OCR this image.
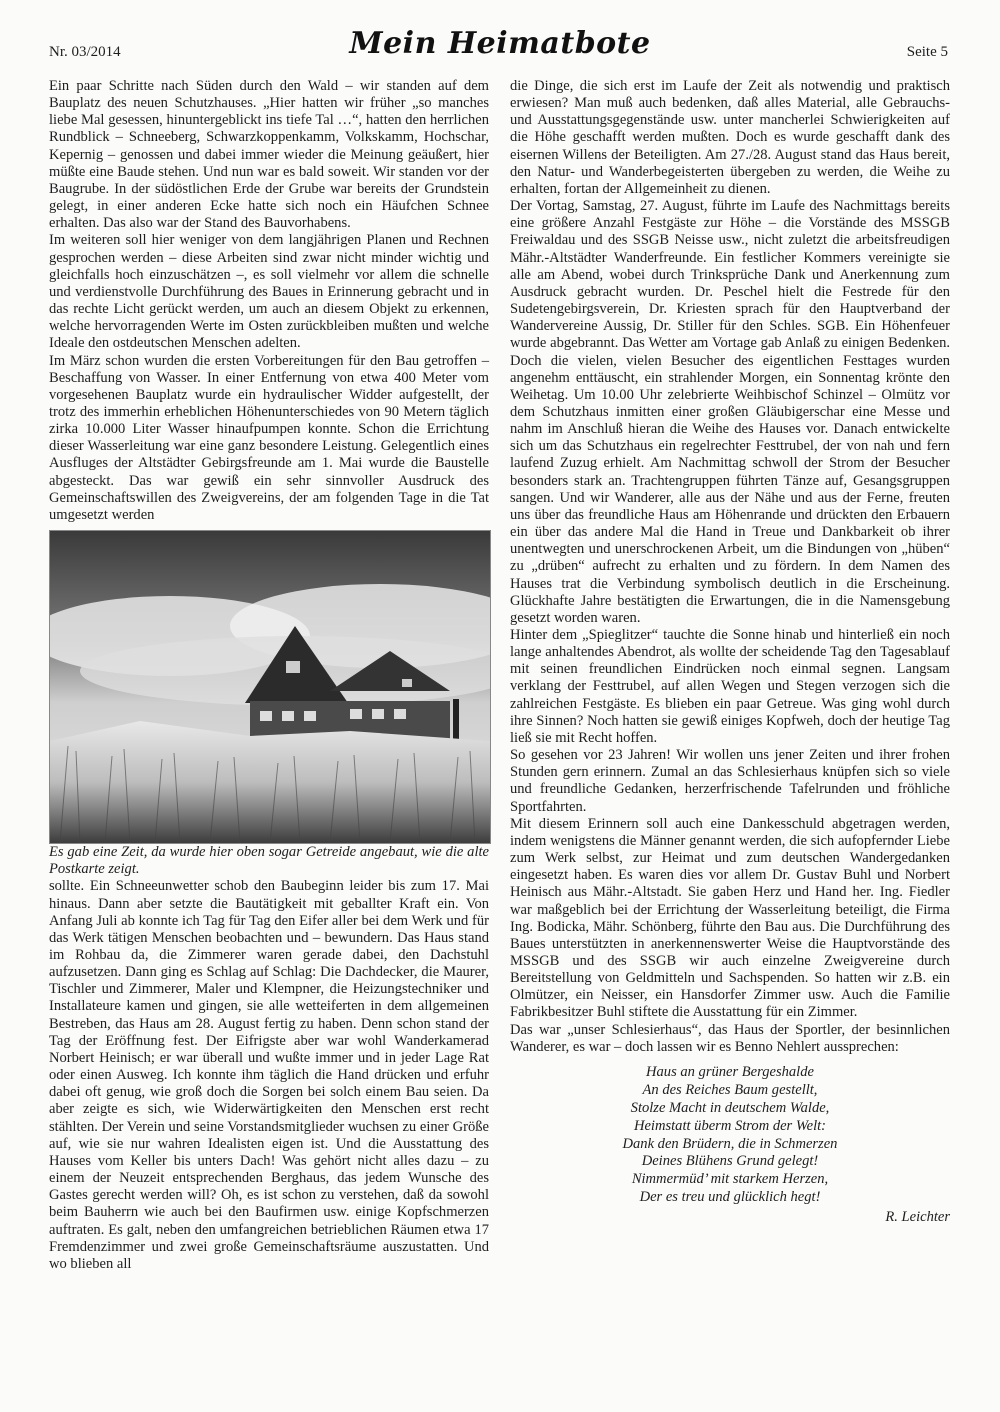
Nr. 03/2014	Mein Heimatbote	Seite 5

Ein paar Schritte nach Süden durch den Wald – wir standen auf dem Bauplatz des neuen Schutzhauses. „Hier hatten wir früher „so manches liebe Mal gesessen, hinuntergeblickt ins tiefe Tal …“, hatten den herrlichen Rundblick – Schneeberg, Schwarzkoppenkamm, Volkskamm, Hochschar, Kepernig – genossen und dabei immer wieder die Meinung geäußert, hier müßte eine Baude stehen. Und nun war es bald soweit. Wir standen vor der Baugrube. In der südöstlichen Erde der Grube war bereits der Grundstein gelegt, in einer anderen Ecke hatte sich noch ein Häufchen Schnee erhalten. Das also war der Stand des Bauvorhabens.

Im weiteren soll hier weniger von dem langjährigen Planen und Rechnen gesprochen werden – diese Arbeiten sind zwar nicht minder wichtig und gleichfalls hoch einzuschätzen –, es soll vielmehr vor allem die schnelle und verdienstvolle Durchführung des Baues in Erinnerung gebracht und in das rechte Licht gerückt werden, um auch an diesem Objekt zu erkennen, welche hervorragenden Werte im Osten zurückbleiben mußten und welche Ideale den ostdeutschen Menschen adelten.

Im März schon wurden die ersten Vorbereitungen für den Bau getroffen – Beschaffung von Wasser. In einer Entfernung von etwa 400 Meter vom vorgesehenen Bauplatz wurde ein hydraulischer Widder aufgestellt, der trotz des immerhin erheblichen Höhenunterschiedes von 90 Metern täglich zirka 10.000 Liter Wasser hinaufpumpen konnte. Schon die Errichtung dieser Wasserleitung war eine ganz besondere Leistung. Gelegentlich eines Ausfluges der Altstädter Gebirgsfreunde am 1. Mai wurde die Baustelle abgesteckt. Das war gewiß ein sehr sinnvoller Ausdruck des Gemeinschaftswillen des Zweigvereins, der am folgenden Tage in die Tat umgesetzt werden

Es gab eine Zeit, da wurde hier oben sogar Getreide angebaut, wie die alte Postkarte zeigt.

sollte. Ein Schneeunwetter schob den Baubeginn leider bis zum 17. Mai hinaus. Dann aber setzte die Bautätigkeit mit geballter Kraft ein. Von Anfang Juli ab konnte ich Tag für Tag den Eifer aller bei dem Werk und für das Werk tätigen Menschen beobachten und – bewundern. Das Haus stand im Rohbau da, die Zimmerer waren gerade dabei, den Dachstuhl aufzusetzen. Dann ging es Schlag auf Schlag: Die Dachdecker, die Maurer, Tischler und Zimmerer, Maler und Klempner, die Heizungstechniker und Installateure kamen und gingen, sie alle wetteiferten in dem allgemeinen Bestreben, das Haus am 28. August fertig zu haben. Denn schon stand der Tag der Eröffnung fest. Der Eifrigste aber war wohl Wanderkamerad Norbert Heinisch; er war überall und wußte immer und in jeder Lage Rat oder einen Ausweg. Ich konnte ihm täglich die Hand drücken und erfuhr dabei oft genug, wie groß doch die Sorgen bei solch einem Bau seien. Da aber zeigte es sich, wie Widerwärtigkeiten den Menschen erst recht stählten. Der Verein und seine Vorstandsmitglieder wuchsen zu einer Größe auf, wie sie nur wahren Idealisten eigen ist. Und die Ausstattung des Hauses vom Keller bis unters Dach! Was gehört nicht alles dazu – zu einem der Neuzeit entsprechenden Berghaus, das jedem Wunsche des Gastes gerecht werden will? Oh, es ist schon zu verstehen, daß da sowohl beim Bauherrn wie auch bei den Baufirmen usw. einige Kopfschmerzen auftraten. Es galt, neben den umfangreichen betrieblichen Räumen etwa 17 Fremdenzimmer und zwei große Gemeinschaftsräume auszustatten. Und wo blieben all

die Dinge, die sich erst im Laufe der Zeit als notwendig und praktisch erwiesen? Man muß auch bedenken, daß alles Material, alle Gebrauchs- und Ausstattungsgegenstände usw. unter mancherlei Schwierigkeiten auf die Höhe geschafft werden mußten. Doch es wurde geschafft dank des eisernen Willens der Beteiligten. Am 27./28. August stand das Haus bereit, den Natur- und Wanderbegeisterten übergeben zu werden, die Weihe zu erhalten, fortan der Allgemeinheit zu dienen.

Der Vortag, Samstag, 27. August, führte im Laufe des Nachmittags bereits eine größere Anzahl Festgäste zur Höhe – die Vorstände des MSSGB Freiwaldau und des SSGB Neisse usw., nicht zuletzt die arbeitsfreudigen Mähr.-Altstädter Wanderfreunde. Ein festlicher Kommers vereinigte sie alle am Abend, wobei durch Trinksprüche Dank und Anerkennung zum Ausdruck gebracht wurden. Dr. Peschel hielt die Festrede für den Sudetengebirgsverein, Dr. Kriesten sprach für den Hauptverband der Wandervereine Aussig, Dr. Stiller für den Schles. SGB. Ein Höhenfeuer wurde abgebrannt. Das Wetter am Vortage gab Anlaß zu einigen Bedenken. Doch die vielen, vielen Besucher des eigentlichen Festtages wurden angenehm enttäuscht, ein strahlender Morgen, ein Sonnentag krönte den Weihetag. Um 10.00 Uhr zelebrierte Weihbischof Schinzel – Olmütz vor dem Schutzhaus inmitten einer großen Gläubigerschar eine Messe und nahm im Anschluß hieran die Weihe des Hauses vor. Danach entwickelte sich um das Schutzhaus ein regelrechter Festtrubel, der von nah und fern laufend Zuzug erhielt. Am Nachmittag schwoll der Strom der Besucher besonders stark an. Trachtengruppen führten Tänze auf, Gesangsgruppen sangen. Und wir Wanderer, alle aus der Nähe und aus der Ferne, freuten uns über das freundliche Haus am Höhenrande und drückten den Erbauern ein über das andere Mal die Hand in Treue und Dankbarkeit ob ihrer unentwegten und unerschrockenen Arbeit, um die Bindungen von „hüben“ zu „drüben“ aufrecht zu erhalten und zu fördern. In dem Namen des Hauses trat die Verbindung symbolisch deutlich in die Erscheinung. Glückhafte Jahre bestätigten die Erwartungen, die in die Namensgebung gesetzt worden waren.

Hinter dem „Spieglitzer“ tauchte die Sonne hinab und hinterließ ein noch lange anhaltendes Abendrot, als wollte der scheidende Tag den Tagesablauf mit seinen freundlichen Eindrücken noch einmal segnen. Langsam verklang der Festtrubel, auf allen Wegen und Stegen verzogen sich die zahlreichen Festgäste. Es blieben ein paar Getreue. Was ging wohl durch ihre Sinnen? Noch hatten sie gewiß einiges Kopfweh, doch der heutige Tag ließ sie mit Recht hoffen.

So gesehen vor 23 Jahren! Wir wollen uns jener Zeiten und ihrer frohen Stunden gern erinnern. Zumal an das Schlesierhaus knüpfen sich so viele und freundliche Gedanken, herzerfrischende Tafelrunden und fröhliche Sportfahrten.

Mit diesem Erinnern soll auch eine Dankesschuld abgetragen werden, indem wenigstens die Männer genannt werden, die sich aufopfernder Liebe zum Werk selbst, zur Heimat und zum deutschen Wandergedanken eingesetzt haben. Es waren dies vor allem Dr. Gustav Buhl und Norbert Heinisch aus Mähr.-Altstadt. Sie gaben Herz und Hand her. Ing. Fiedler war maßgeblich bei der Errichtung der Wasserleitung beteiligt, die Firma Ing. Bodicka, Mähr. Schönberg, führte den Bau aus. Die Durchführung des Baues unterstützten in anerkennenswerter Weise die Hauptvorstände des MSSGB und des SSGB wir auch einzelne Zweigvereine durch Bereitstellung von Geldmitteln und Sachspenden. So hatten wir z.B. ein Olmützer, ein Neisser, ein Hansdorfer Zimmer usw. Auch die Familie Fabrikbesitzer Buhl stiftete die Ausstattung für ein Zimmer.

Das war „unser Schlesierhaus“, das Haus der Sportler, der besinnlichen Wanderer, es war – doch lassen wir es Benno Nehlert aussprechen:

Haus an grüner Bergeshalde
An des Reiches Baum gestellt,
Stolze Macht in deutschem Walde,
Heimstatt überm Strom der Welt:
Dank den Brüdern, die in Schmerzen
Deines Blühens Grund gelegt!
Nimmermüd’ mit starkem Herzen,
Der es treu und glücklich hegt!
R. Leichter
